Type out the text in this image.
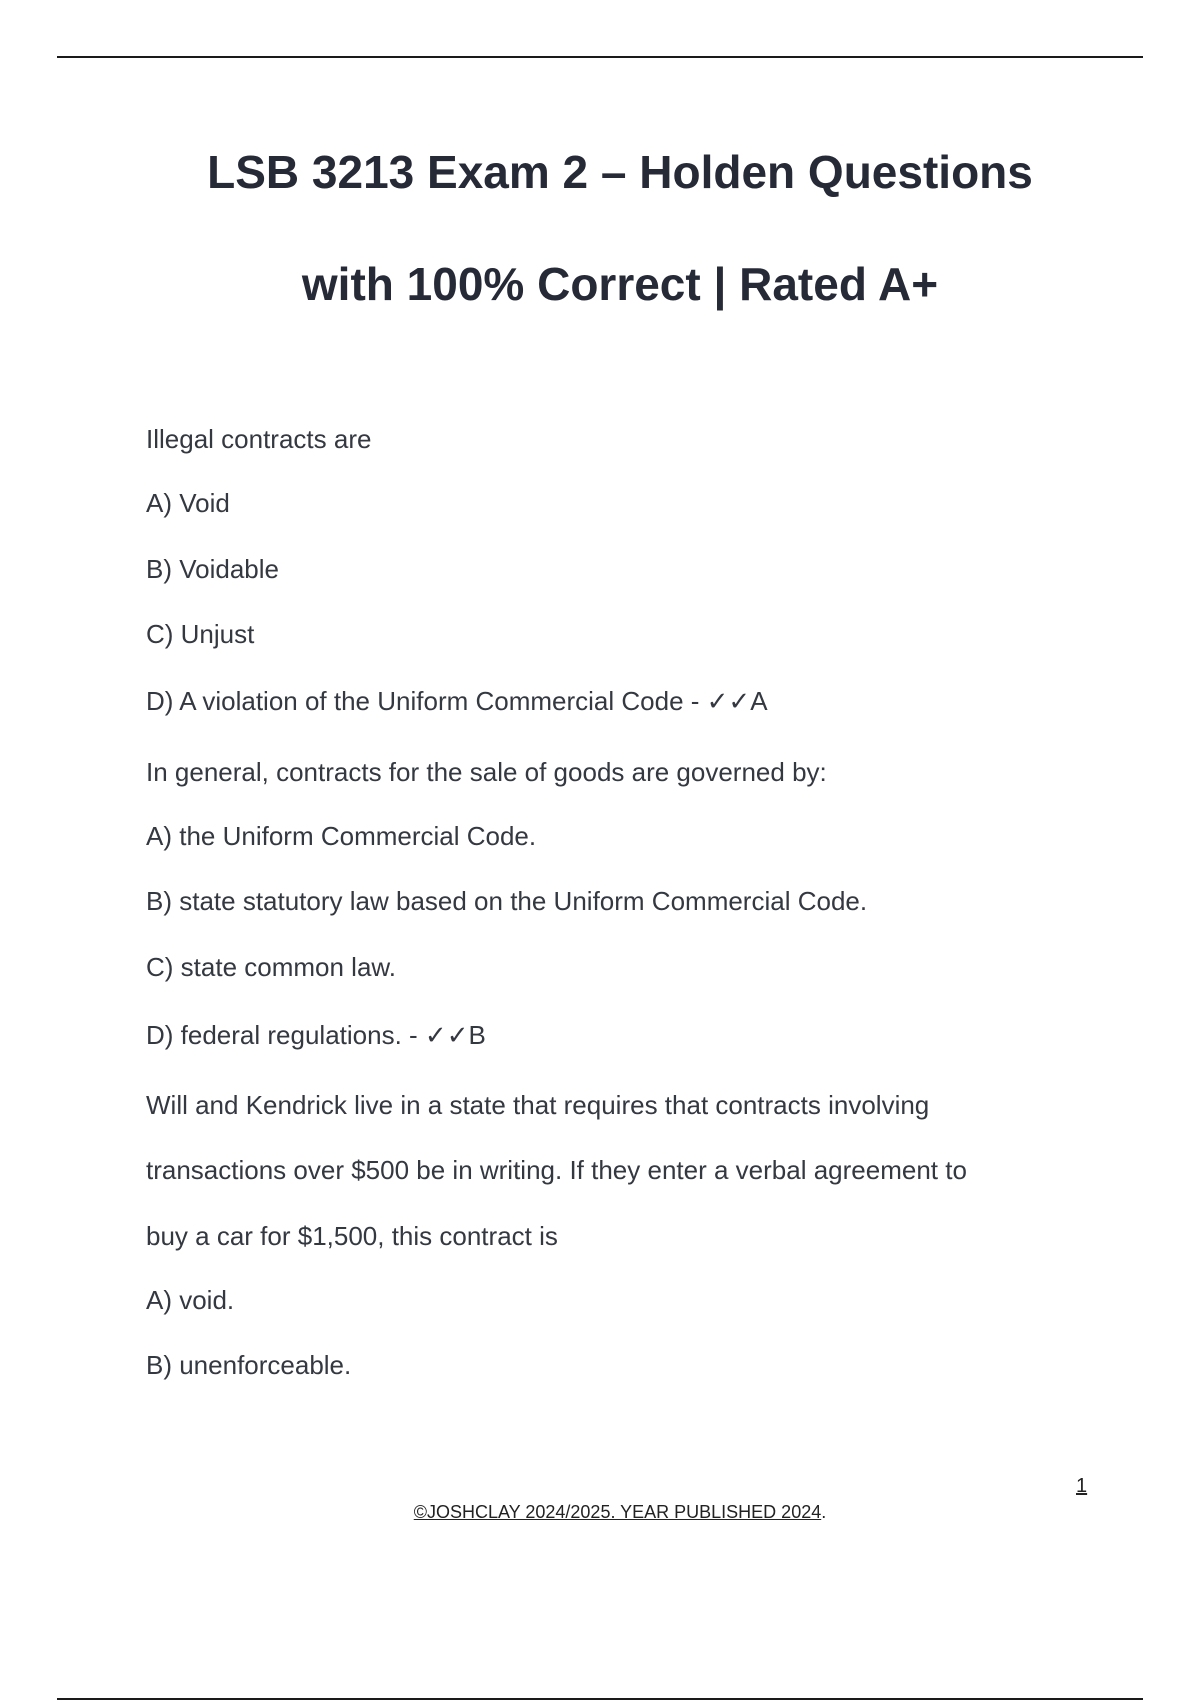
LSB 3213 Exam 2 – Holden Questions
with 100% Correct | Rated A+
Illegal contracts are
A) Void
B) Voidable
C) Unjust
D) A violation of the Uniform Commercial Code - ✓✓A
In general, contracts for the sale of goods are governed by:
A) the Uniform Commercial Code.
B) state statutory law based on the Uniform Commercial Code.
C) state common law.
D) federal regulations. - ✓✓B
Will and Kendrick live in a state that requires that contracts involving
transactions over $500 be in writing. If they enter a verbal agreement to
buy a car for $1,500, this contract is
A) void.
B) unenforceable.
1
©JOSHCLAY 2024/2025. YEAR PUBLISHED 2024.
